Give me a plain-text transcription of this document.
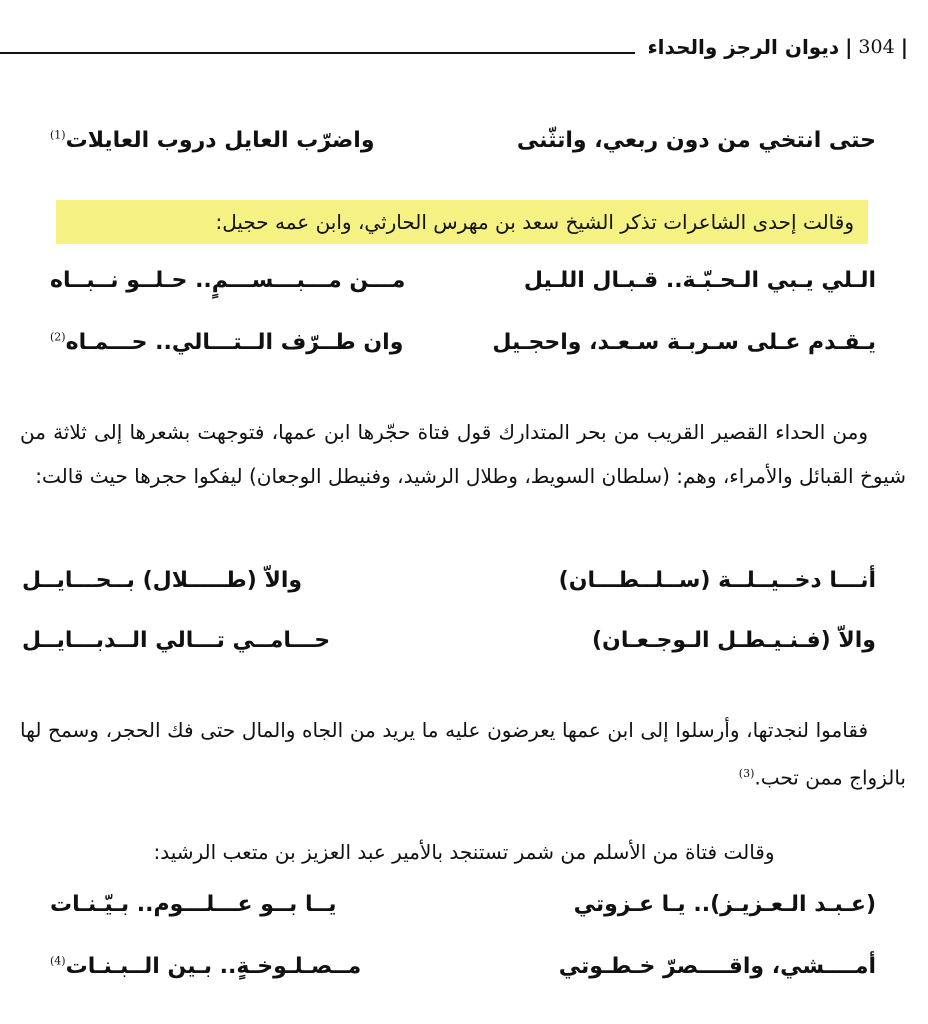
|
304
|
ديوان الرجز والحداء
حتى انتخي من دون ربعي، واتثّنى
واضرّب العايل دروب العايلات$^{(1)}$
وقالت إحدى الشاعرات تذكر الشيخ سعد بن مهرس الحارثي، وابن عمه حجيل:
الـلي يـبي الـحـبّـة.. قـبـال اللـيل
مـــن مـــبـــســـمٍ.. حـلــو نــبــاه
يـقـدم عـلى سـربـة سـعـد، واحجـيل
وان طــرّف الــتـــالي.. حـــمـاه$^{(2)}$
ومن الحداء القصير القريب من بحر المتدارك قول فتاة حجّرها ابن عمها، فتوجهت بشعرها إلى ثلاثة من شيوخ القبائل والأمراء، وهم: (سلطان السويط، وطلال الرشيد، وفنيطل الوجعان) ليفكوا حجرها حيث قالت:
أنـــا دخــيــلــة (ســلــطـــان)
والاّ (طـــــلال) بــحـــايــل
والاّ (فـنـيـطـل الـوجـعـان)
حـــامــي تـــالي الــدبـــايــل
فقاموا لنجدتها، وأرسلوا إلى ابن عمها يعرضون عليه ما يريد من الجاه والمال حتى فك الحجر، وسمح لها بالزواج ممن تحب.$^{(3)}$
وقالت فتاة من الأسلم من شمر تستنجد بالأمير عبد العزيز بن متعب الرشيد:
(عـبـد الـعـزيـز).. يـا عـزوتي
يــا بــو عـــلـــوم.. بـيّـنـات
أمــــشي، واقــــصرّ خـطـوتي
مــصـلـوخـةٍ.. بـين الــبـنـات$^{(4)}$
